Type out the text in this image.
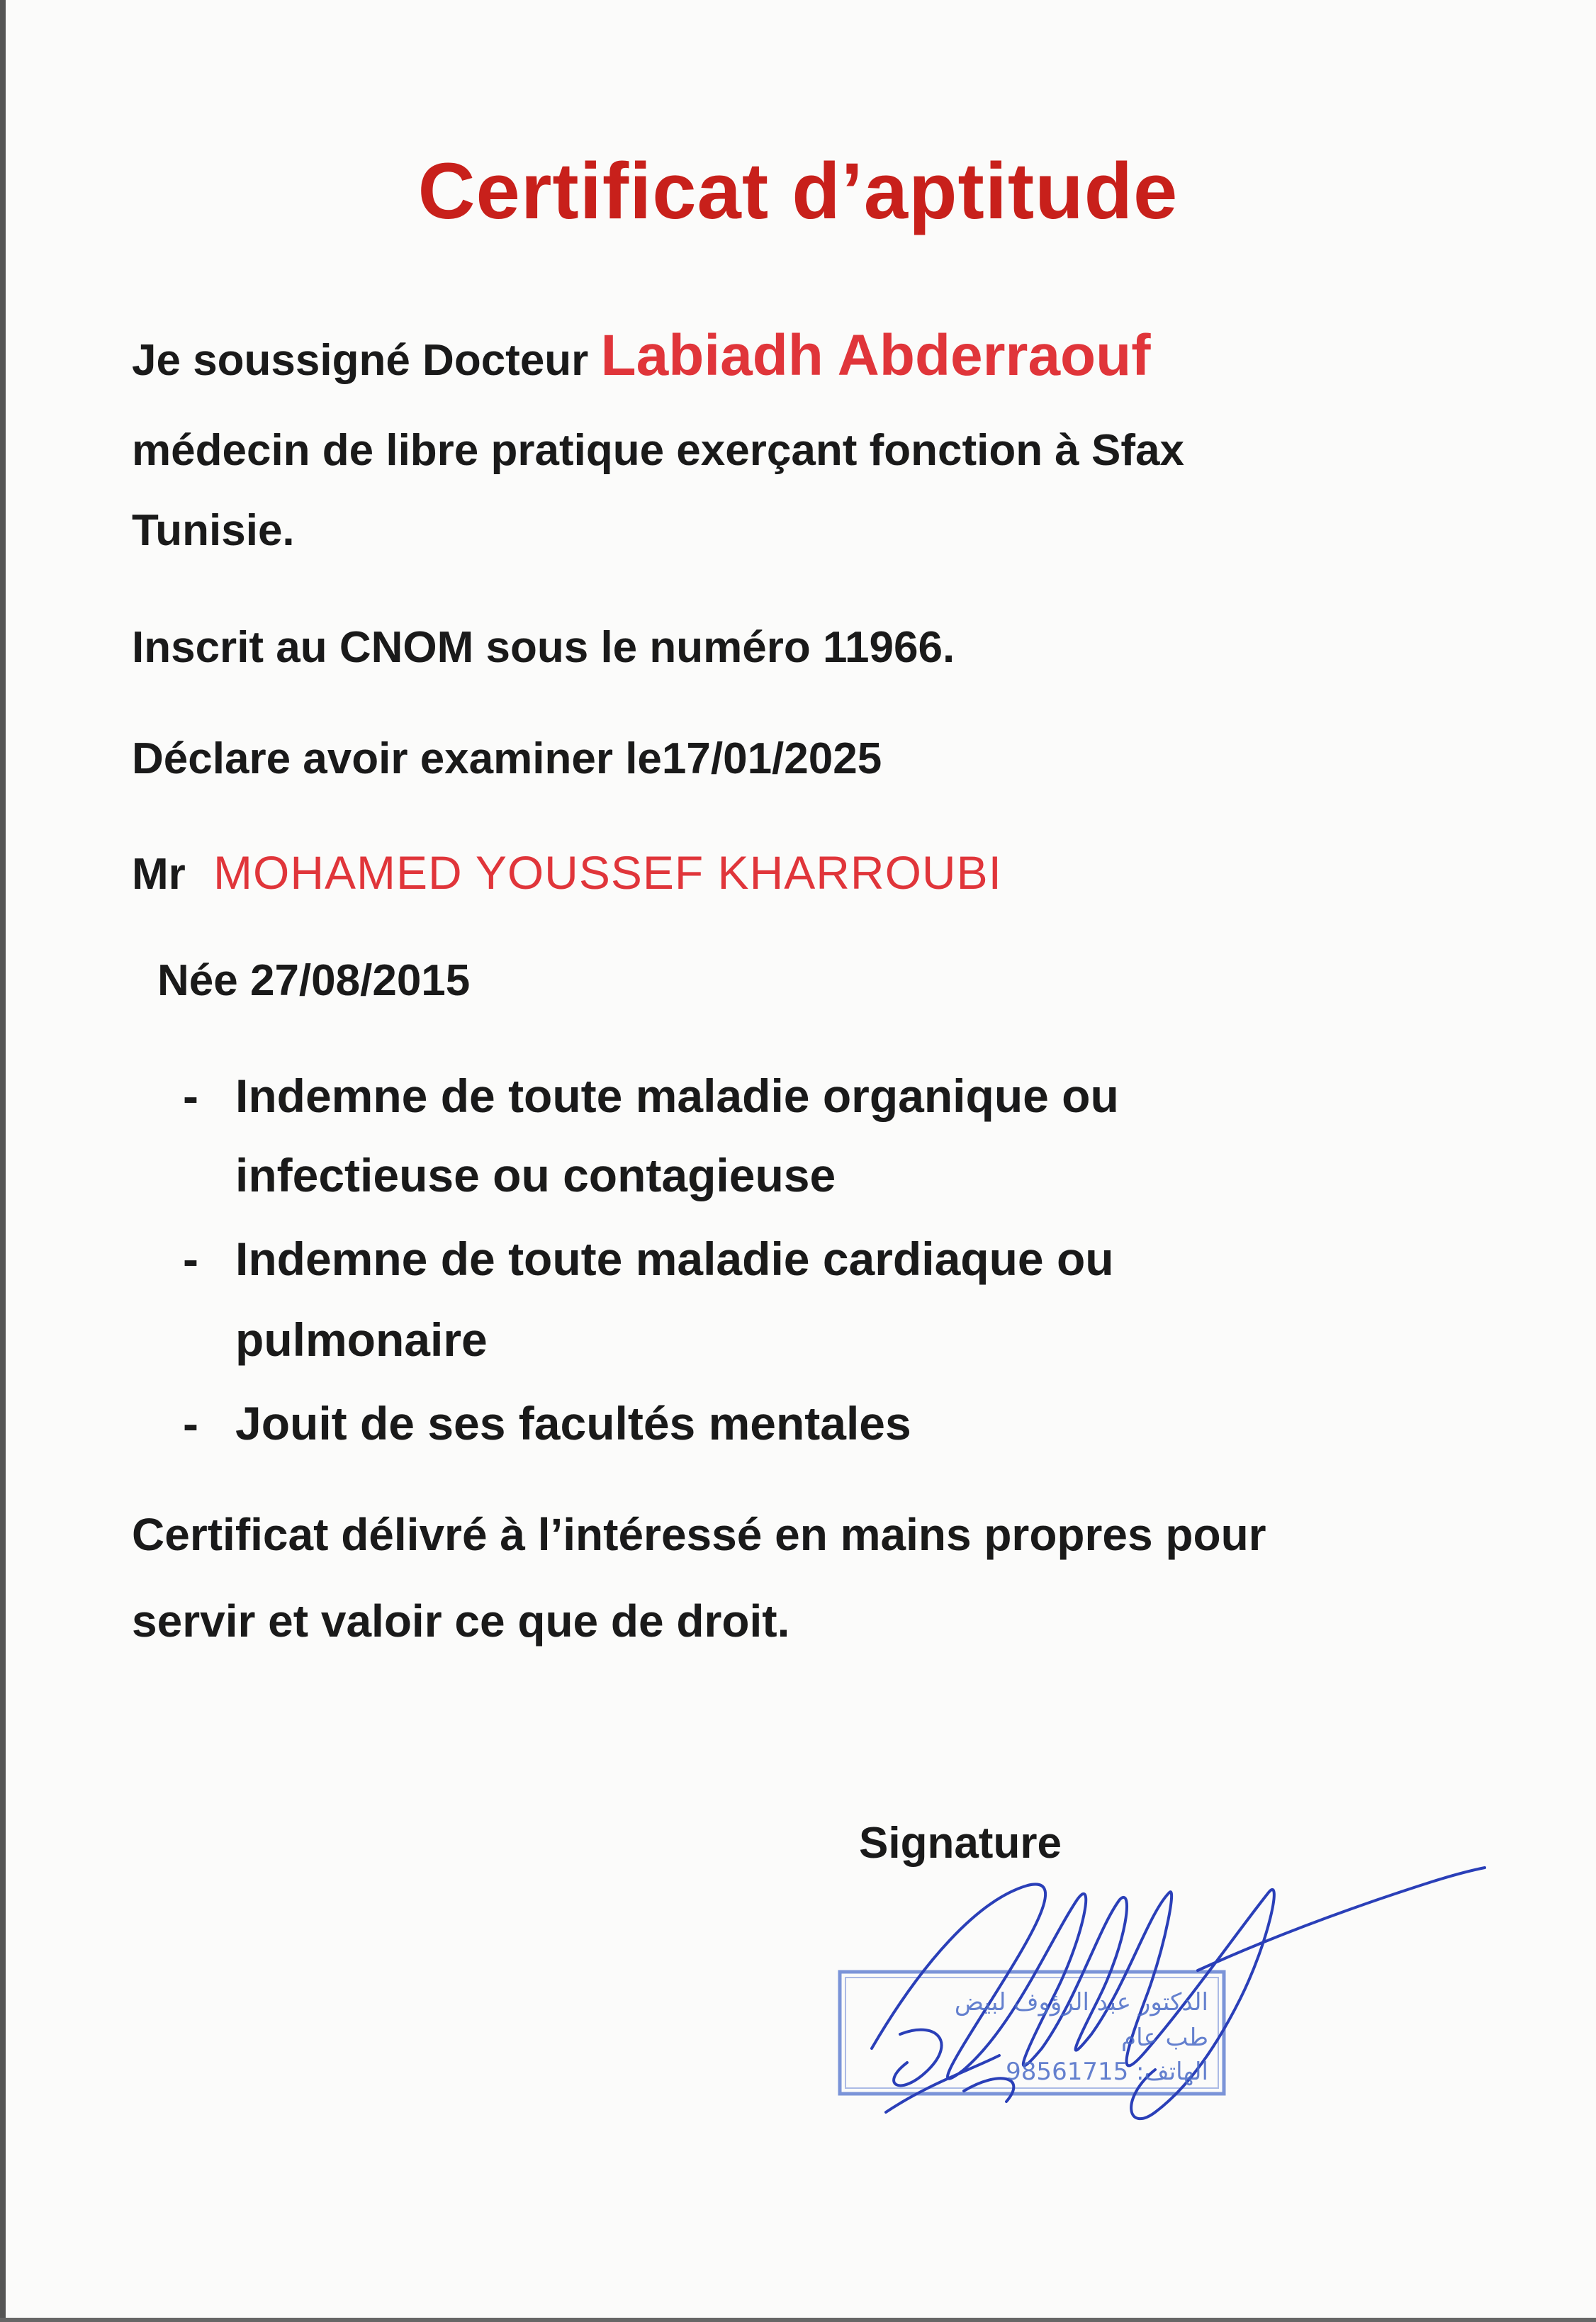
Certificat d’aptitude
Je soussigné Docteur Labiadh Abderraouf
médecin de libre pratique exerçant fonction à Sfax
Tunisie.
Inscrit au CNOM sous le numéro 11966.
Déclare avoir examiner le17/01/2025
Mr MOHAMED YOUSSEF KHARROUBI
Née 27/08/2015
- Indemne de toute maladie organique ou
infectieuse ou contagieuse
- Indemne de toute maladie cardiaque ou
pulmonaire
- Jouit de ses facultés mentales
Certificat délivré à l’intéressé en mains propres pour
servir et valoir ce que de droit.
Signature
الدكتور عبد الرؤوف لبيض
طب عام
الهاتف: 98561715
